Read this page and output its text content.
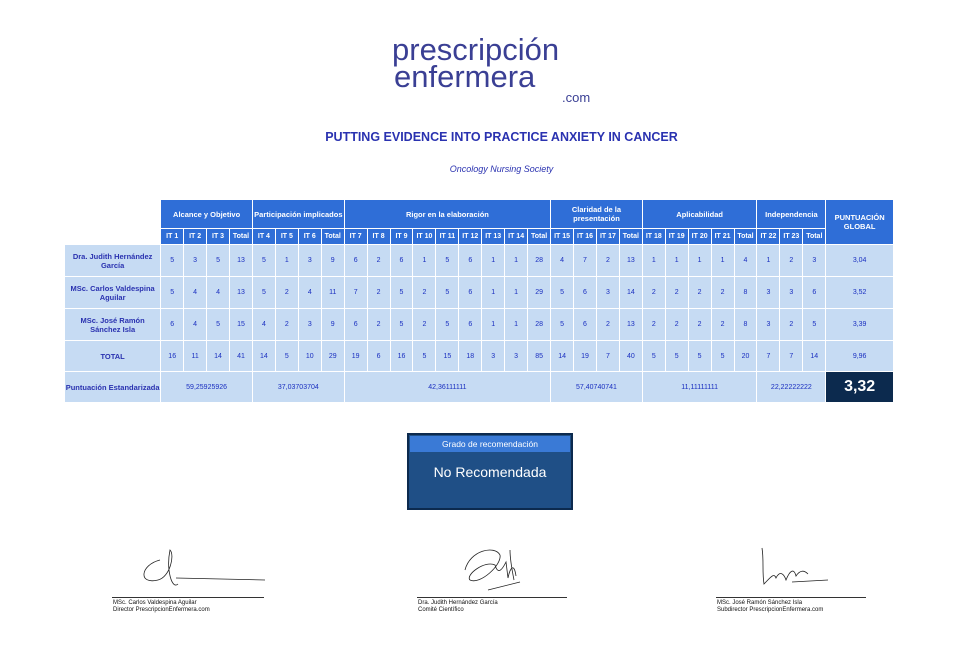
prescripción
enfermera
.com
PUTTING EVIDENCE INTO PRACTICE ANXIETY IN CANCER
Oncology Nursing Society
	Alcance y Objetivo				Participación implicados				Rigor en la elaboración									Claridad de la presentación				Aplicabilidad					Independencia			PUNTUACIÓN GLOBAL
	IT 1	IT 2	IT 3	Total	IT 4	IT 5	IT 6	Total	IT 7	IT 8	IT 9	IT 10	IT 11	IT 12	IT 13	IT 14	Total	IT 15	IT 16	IT 17	Total	IT 18	IT 19	IT 20	IT 21	Total	IT 22	IT 23	Total	
Dra. Judith Hernández García	5	3	5	13	5	1	3	9	6	2	6	1	5	6	1	1	28	4	7	2	13	1	1	1	1	4	1	2	3	3,04
MSc. Carlos Valdespina Aguilar	5	4	4	13	5	2	4	11	7	2	5	2	5	6	1	1	29	5	6	3	14	2	2	2	2	8	3	3	6	3,52
MSc. José Ramón Sánchez Isla	6	4	5	15	4	2	3	9	6	2	5	2	5	6	1	1	28	5	6	2	13	2	2	2	2	8	3	2	5	3,39
TOTAL	16	11	14	41	14	5	10	29	19	6	16	5	15	18	3	3	85	14	19	7	40	5	5	5	5	20	7	7	14	9,96
Puntuación Estandarizada	59,25925926				37,03703704				42,36111111									57,40740741				11,11111111					22,22222222			3,32
Grado de recomendación
No Recomendada
MSc. Carlos Valdespina Aguilar
Director PrescripcionEnfermera.com
Dra. Judith Hernández García
Comité Científico
MSc. José Ramón Sánchez Isla
Subdirector PrescripcionEnfermera.com
